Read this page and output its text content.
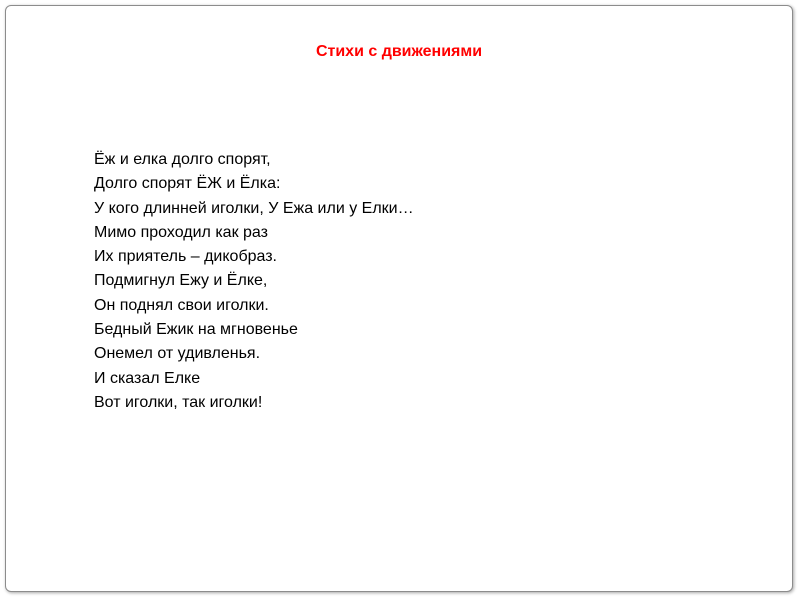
Стихи с движениями
Ёж и елка долго спорят,
Долго спорят ЁЖ и Ёлка:
У кого длинней иголки, У Ежа или у Елки…
Мимо проходил как раз
Их приятель – дикобраз.
Подмигнул Ежу и Ёлке,
Он поднял свои иголки.
Бедный Ежик на мгновенье
Онемел от удивленья.
И сказал Елке
Вот иголки, так иголки!
